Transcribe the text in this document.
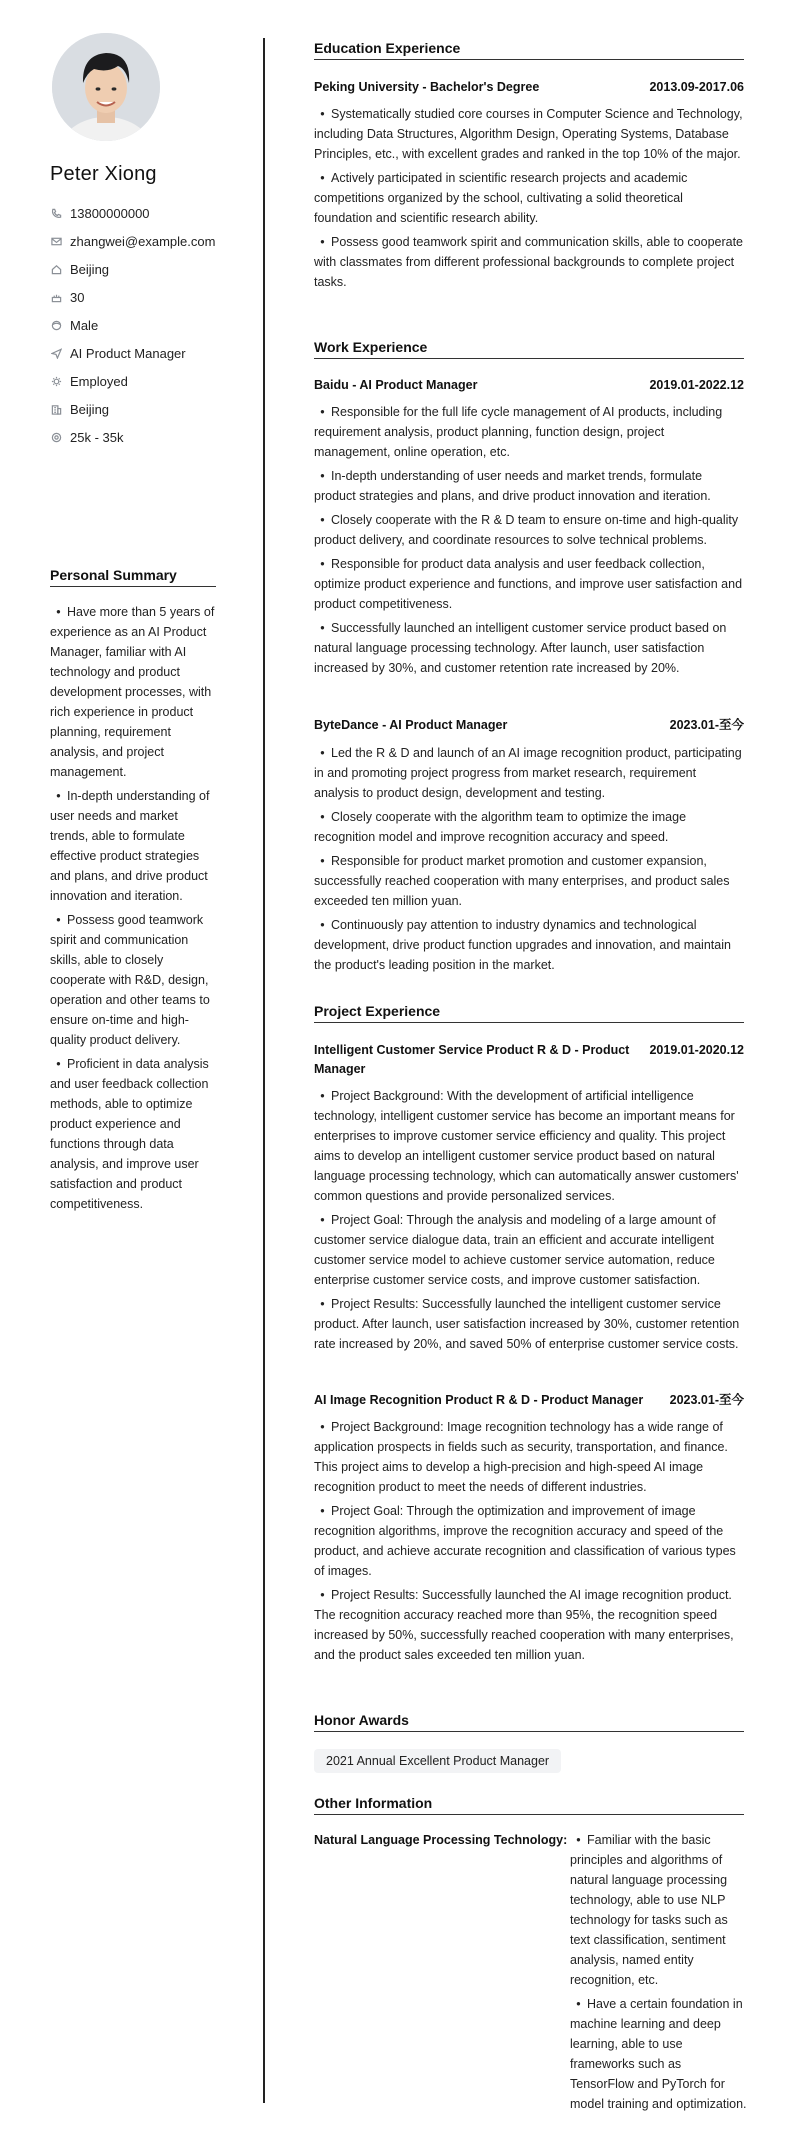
Peter Xiong
13800000000
zhangwei@example.com
Beijing
30
Male
AI Product Manager
Employed
Beijing
25k - 35k
Personal Summary
• Have more than 5 years of experience as an AI Product Manager, familiar with AI technology and product development processes, with rich experience in product planning, requirement analysis, and project management.
• In-depth understanding of user needs and market trends, able to formulate effective product strategies and plans, and drive product innovation and iteration.
• Possess good teamwork spirit and communication skills, able to closely cooperate with R&D, design, operation and other teams to ensure on-time and high-quality product delivery.
• Proficient in data analysis and user feedback collection methods, able to optimize product experience and functions through data analysis, and improve user satisfaction and product competitiveness.
Education Experience
Peking University - Bachelor's Degree	2013.09-2017.06
• Systematically studied core courses in Computer Science and Technology, including Data Structures, Algorithm Design, Operating Systems, Database Principles, etc., with excellent grades and ranked in the top 10% of the major.
• Actively participated in scientific research projects and academic competitions organized by the school, cultivating a solid theoretical foundation and scientific research ability.
• Possess good teamwork spirit and communication skills, able to cooperate with classmates from different professional backgrounds to complete project tasks.
Work Experience
Baidu - AI Product Manager	2019.01-2022.12
• Responsible for the full life cycle management of AI products, including requirement analysis, product planning, function design, project management, online operation, etc.
• In-depth understanding of user needs and market trends, formulate product strategies and plans, and drive product innovation and iteration.
• Closely cooperate with the R & D team to ensure on-time and high-quality product delivery, and coordinate resources to solve technical problems.
• Responsible for product data analysis and user feedback collection, optimize product experience and functions, and improve user satisfaction and product competitiveness.
• Successfully launched an intelligent customer service product based on natural language processing technology. After launch, user satisfaction increased by 30%, and customer retention rate increased by 20%.
ByteDance - AI Product Manager	2023.01-至今
• Led the R & D and launch of an AI image recognition product, participating in and promoting project progress from market research, requirement analysis to product design, development and testing.
• Closely cooperate with the algorithm team to optimize the image recognition model and improve recognition accuracy and speed.
• Responsible for product market promotion and customer expansion, successfully reached cooperation with many enterprises, and product sales exceeded ten million yuan.
• Continuously pay attention to industry dynamics and technological development, drive product function upgrades and innovation, and maintain the product's leading position in the market.
Project Experience
Intelligent Customer Service Product R & D - Product Manager
2019.01-2020.12
• Project Background: With the development of artificial intelligence technology, intelligent customer service has become an important means for enterprises to improve customer service efficiency and quality. This project aims to develop an intelligent customer service product based on natural language processing technology, which can automatically answer customers' common questions and provide personalized services.
• Project Goal: Through the analysis and modeling of a large amount of customer service dialogue data, train an efficient and accurate intelligent customer service model to achieve customer service automation, reduce enterprise customer service costs, and improve customer satisfaction.
• Project Results: Successfully launched the intelligent customer service product. After launch, user satisfaction increased by 30%, customer retention rate increased by 20%, and saved 50% of enterprise customer service costs.
AI Image Recognition Product R & D - Product Manager 2023.01-至今
• Project Background: Image recognition technology has a wide range of application prospects in fields such as security, transportation, and finance. This project aims to develop a high-precision and high-speed AI image recognition product to meet the needs of different industries.
• Project Goal: Through the optimization and improvement of image recognition algorithms, improve the recognition accuracy and speed of the product, and achieve accurate recognition and classification of various types of images.
• Project Results: Successfully launched the AI image recognition product. The recognition accuracy reached more than 95%, the recognition speed increased by 50%, successfully reached cooperation with many enterprises, and the product sales exceeded ten million yuan.
Honor Awards
2021 Annual Excellent Product Manager
Other Information
Natural Language Processing Technology:
•	Familiar with the basic principles and algorithms of natural language processing technology, able to use NLP technology for tasks such as text classification, sentiment analysis, named entity recognition, etc.
• Have a certain foundation in machine learning and deep learning, able to use frameworks such as TensorFlow and PyTorch for model training and optimization.
